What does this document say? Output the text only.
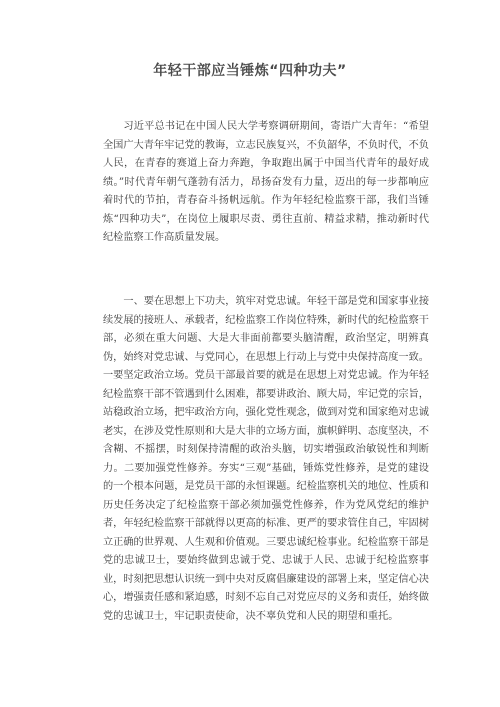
年轻干部应当锤炼“四种功夫”

习近平总书记在中国人民大学考察调研期间，寄语广大青年：“希望全国广大青年牢记党的教诲，立志民族复兴，不负韶华，不负时代，不负人民，在青春的赛道上奋力奔跑，争取跑出属于中国当代青年的最好成绩。”时代青年朝气蓬勃有活力，昂扬奋发有力量，迈出的每一步都响应着时代的节拍，青春奋斗扬帆远航。作为年轻纪检监察干部，我们当锤炼“四种功夫”，在岗位上履职尽责、勇往直前、精益求精，推动新时代纪检监察工作高质量发展。

一、要在思想上下功夫，筑牢对党忠诚。年轻干部是党和国家事业接续发展的接班人、承载者，纪检监察工作岗位特殊，新时代的纪检监察干部，必须在重大问题、大是大非面前都要头脑清醒，政治坚定，明辨真伪，始终对党忠诚、与党同心，在思想上行动上与党中央保持高度一致。一要坚定政治立场。党员干部最首要的就是在思想上对党忠诚。作为年轻纪检监察干部不管遇到什么困难，都要讲政治、顾大局，牢记党的宗旨，站稳政治立场，把牢政治方向，强化党性观念，做到对党和国家绝对忠诚老实，在涉及党性原则和大是大非的立场方面，旗帜鲜明、态度坚决，不含糊、不摇摆，时刻保持清醒的政治头脑，切实增强政治敏锐性和判断力。二要加强党性修养。夯实“三观”基础，锤炼党性修养，是党的建设的一个根本问题，是党员干部的永恒课题。纪检监察机关的地位、性质和历史任务决定了纪检监察干部必须加强党性修养，作为党风党纪的维护者，年轻纪检监察干部就得以更高的标准、更严的要求管住自己，牢固树立正确的世界观、人生观和价值观。三要忠诚纪检事业。纪检监察干部是党的忠诚卫士，要始终做到忠诚于党、忠诚于人民、忠诚于纪检监察事业，时刻把思想认识统一到中央对反腐倡廉建设的部署上来，坚定信心决心，增强责任感和紧迫感，时刻不忘自己对党应尽的义务和责任，始终做党的忠诚卫士，牢记职责使命，决不辜负党和人民的期望和重托。
